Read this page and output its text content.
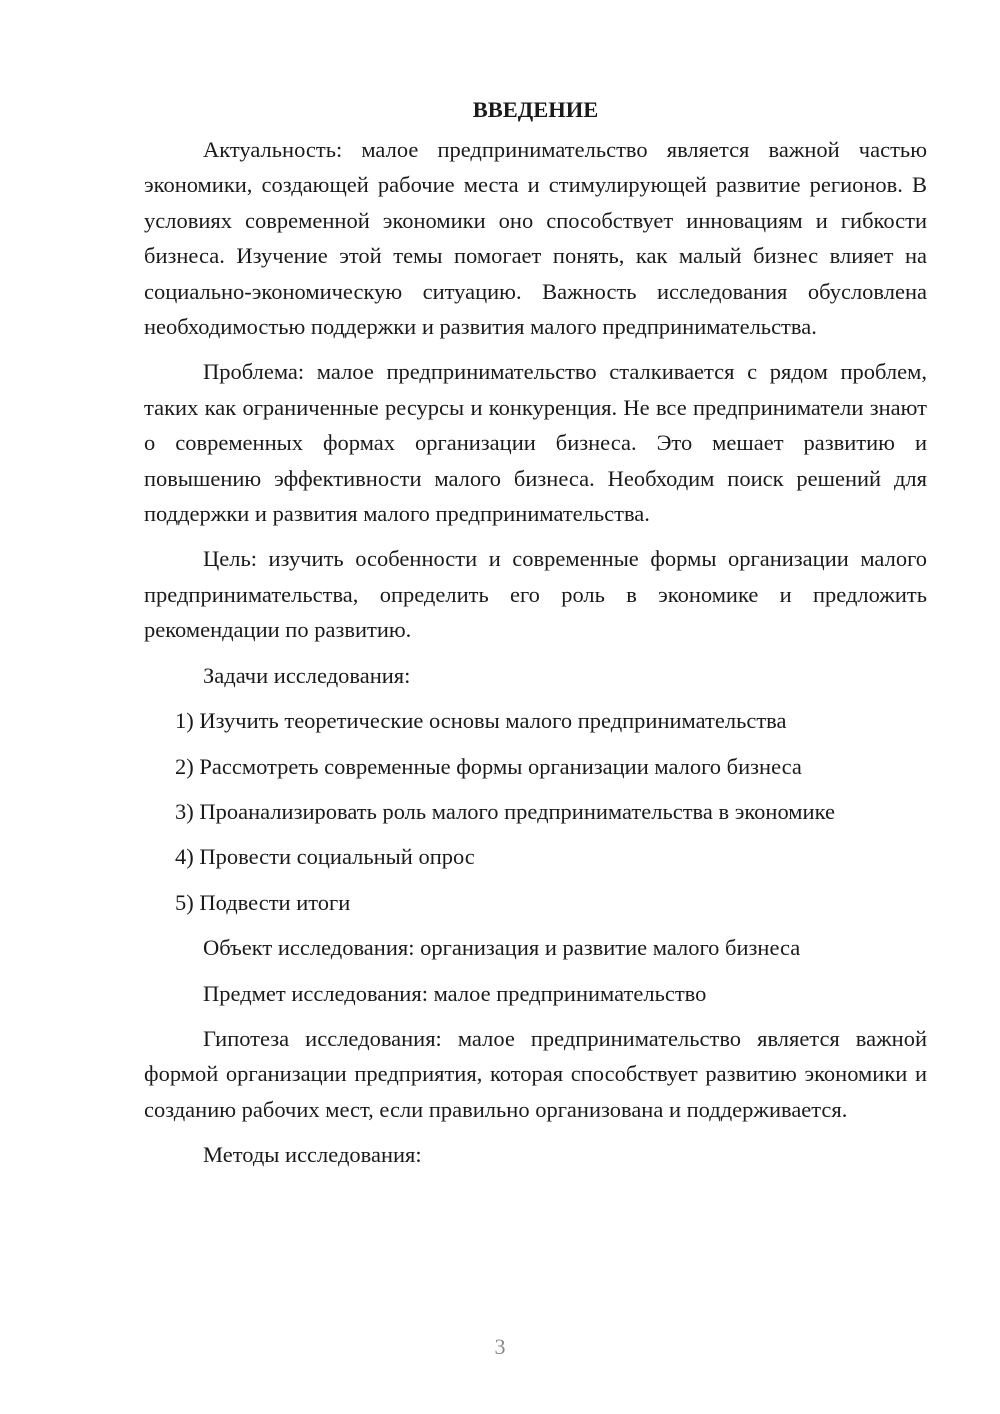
ВВЕДЕНИЕ

Актуальность: малое предпринимательство является важной частью экономики, создающей рабочие места и стимулирующей развитие регионов. В условиях современной экономики оно способствует инновациям и гибкости бизнеса. Изучение этой темы помогает понять, как малый бизнес влияет на социально-экономическую ситуацию. Важность исследования обусловлена необходимостью поддержки и развития малого предпринимательства.

Проблема: малое предпринимательство сталкивается с рядом проблем, таких как ограниченные ресурсы и конкуренция. Не все предприниматели знают о современных формах организации бизнеса. Это мешает развитию и повышению эффективности малого бизнеса. Необходим поиск решений для поддержки и развития малого предпринимательства.

Цель: изучить особенности и современные формы организации малого предпринимательства, определить его роль в экономике и предложить рекомендации по развитию.

Задачи исследования:
1) Изучить теоретические основы малого предпринимательства
2) Рассмотреть современные формы организации малого бизнеса
3) Проанализировать роль малого предпринимательства в экономике
4) Провести социальный опрос
5) Подвести итоги
Объект исследования: организация и развитие малого бизнеса
Предмет исследования: малое предпринимательство

Гипотеза исследования: малое предпринимательство является важной формой организации предприятия, которая способствует развитию экономики и созданию рабочих мест, если правильно организована и поддерживается.

Методы исследования:
3
